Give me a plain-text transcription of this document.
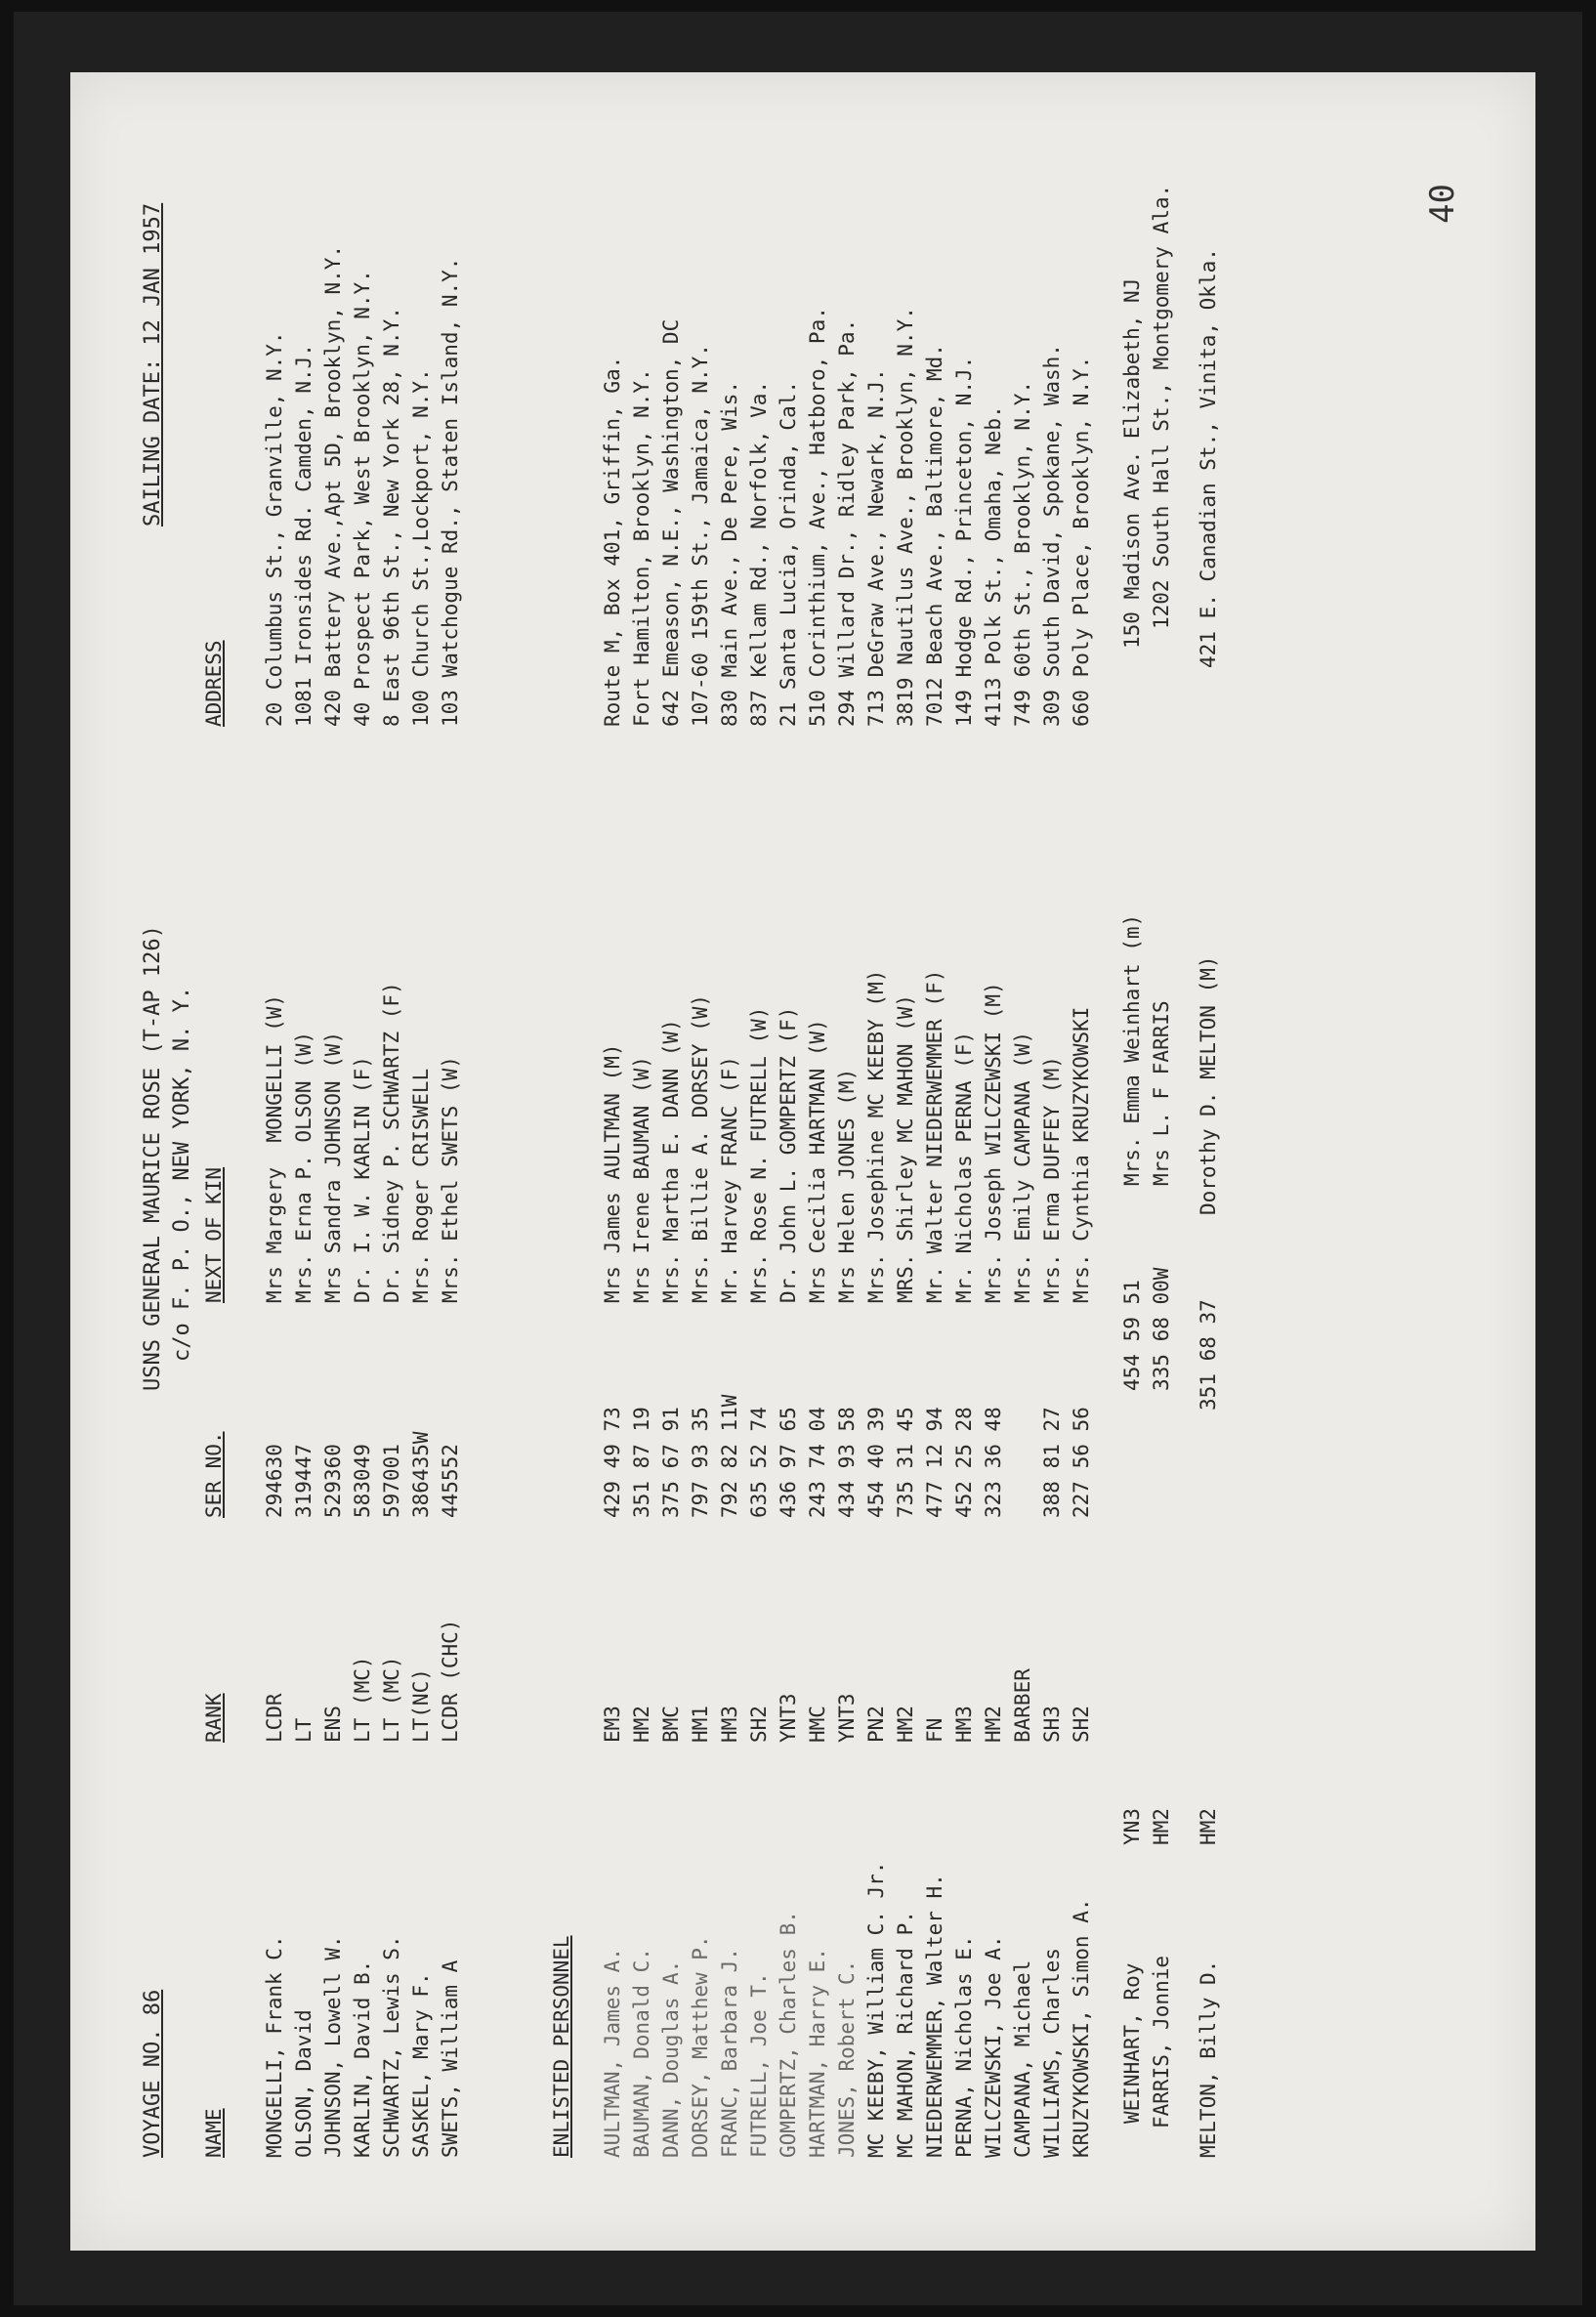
40
VOYAGE NO. 86
USNS GENERAL MAURICE ROSE (T-AP 126) c/o F. P. O., NEW YORK, N. Y.
SAILING DATE: 12 JAN 1957
NAME
RANK
SER NO.
NEXT OF KIN
ADDRESS
MONGELLI, Frank C. OLSON, David JOHNSON, Lowell W. KARLIN, David B. SCHWARTZ, Lewis S. SASKEL, Mary F. SWETS, William A
LCDR LT ENS LT (MC) LT (MC) LT(NC) LCDR (CHC)
294630 319447 529360 583049 597001 386435W 445552
Mrs Margery  MONGELLI (W) Mrs. Erna P. OLSON (W) Mrs Sandra JOHNSON (W) Dr. I. W. KARLIN (F) Dr. Sidney P. SCHWARTZ (F) Mrs. Roger CRISWELL Mrs. Ethel SWETS (W)
20 Columbus St., Granville, N.Y. 1081 Ironsides Rd. Camden, N.J. 420 Battery Ave.,Apt 5D, Brooklyn, N.Y. 40 Prospect Park, West Brooklyn, N.Y. 8 East 96th St., New York 28, N.Y. 100 Church St.,Lockport, N.Y. 103 Watchogue Rd., Staten Island, N.Y.
ENLISTED PERSONNEL AULTMAN, James A. BAUMAN, Donald C. DANN, Douglas A. DORSEY, Matthew P. FRANC, Barbara J. FUTRELL, Joe T. GOMPERTZ, Charles B. HARTMAN, Harry E. JONES, Robert C. MC KEEBY, William C. Jr. MC MAHON, Richard P. NIEDERWEMMER, Walter H. PERNA, Nicholas E. WILCZEWSKI, Joe A. CAMPANA, Michael WILLIAMS, Charles KRUZYKOWSKI, Simon A.
EM3 HM2 BMC HM1 HM3 SH2 YNT3 HMC YNT3 PN2 HM2 FN HM3 HM2 BARBER SH3 SH2
429 49 73 351 87 19 375 67 91 797 93 35 792 82 11W 635 52 74 436 97 65 243 74 04 434 93 58 454 40 39 735 31 45 477 12 94 452 25 28 323 36 48 388 81 27 227 56 56
Mrs James AULTMAN (M) Mrs Irene BAUMAN (W) Mrs. Martha E. DANN (W) Mrs. Billie A. DORSEY (W) Mr. Harvey FRANC (F) Mrs. Rose N. FUTRELL (W) Dr. John L. GOMPERTZ (F) Mrs Cecilia HARTMAN (W) Mrs Helen JONES (M) Mrs. Josephine MC KEEBY (M) MRS. Shirley MC MAHON (W) Mr. Walter NIEDERWEMMER (F) Mr. Nicholas PERNA (F) Mrs. Joseph WILCZEWSKI (M) Mrs. Emily CAMPANA (W) Mrs. Erma DUFFEY (M) Mrs. Cynthia KRUZYKOWSKI
Route M, Box 401, Griffin, Ga. Fort Hamilton, Brooklyn, N.Y. 642 Emeason, N.E., Washington, DC 107-60 159th St., Jamaica, N.Y. 830 Main Ave., De Pere, Wis. 837 Kellam Rd., Norfolk, Va. 21 Santa Lucia, Orinda, Cal. 510 Corinthium, Ave., Hatboro, Pa. 294 Willard Dr., Ridley Park, Pa. 713 DeGraw Ave., Newark, N.J. 3819 Nautilus Ave., Brooklyn, N.Y. 7012 Beach Ave., Baltimore, Md. 149 Hodge Rd., Princeton, N.J. 4113 Polk St., Omaha, Neb. 749 60th St., Brooklyn, N.Y. 309 South David, Spokane, Wash. 660 Poly Place, Brooklyn, N.Y.
WEINHART, Roy
YN3
454 59 51
Mrs. Emma Weinhart (m)
150 Madison Ave. Elizabeth, NJ
FARRIS, Jonnie
HM2
335 68 00W
Mrs L. F FARRIS
1202 South Hall St., Montgomery Ala.
MELTON, Billy D.
HM2
351 68 37
Dorothy D. MELTON (M)
421 E. Canadian St., Vinita, Okla.
